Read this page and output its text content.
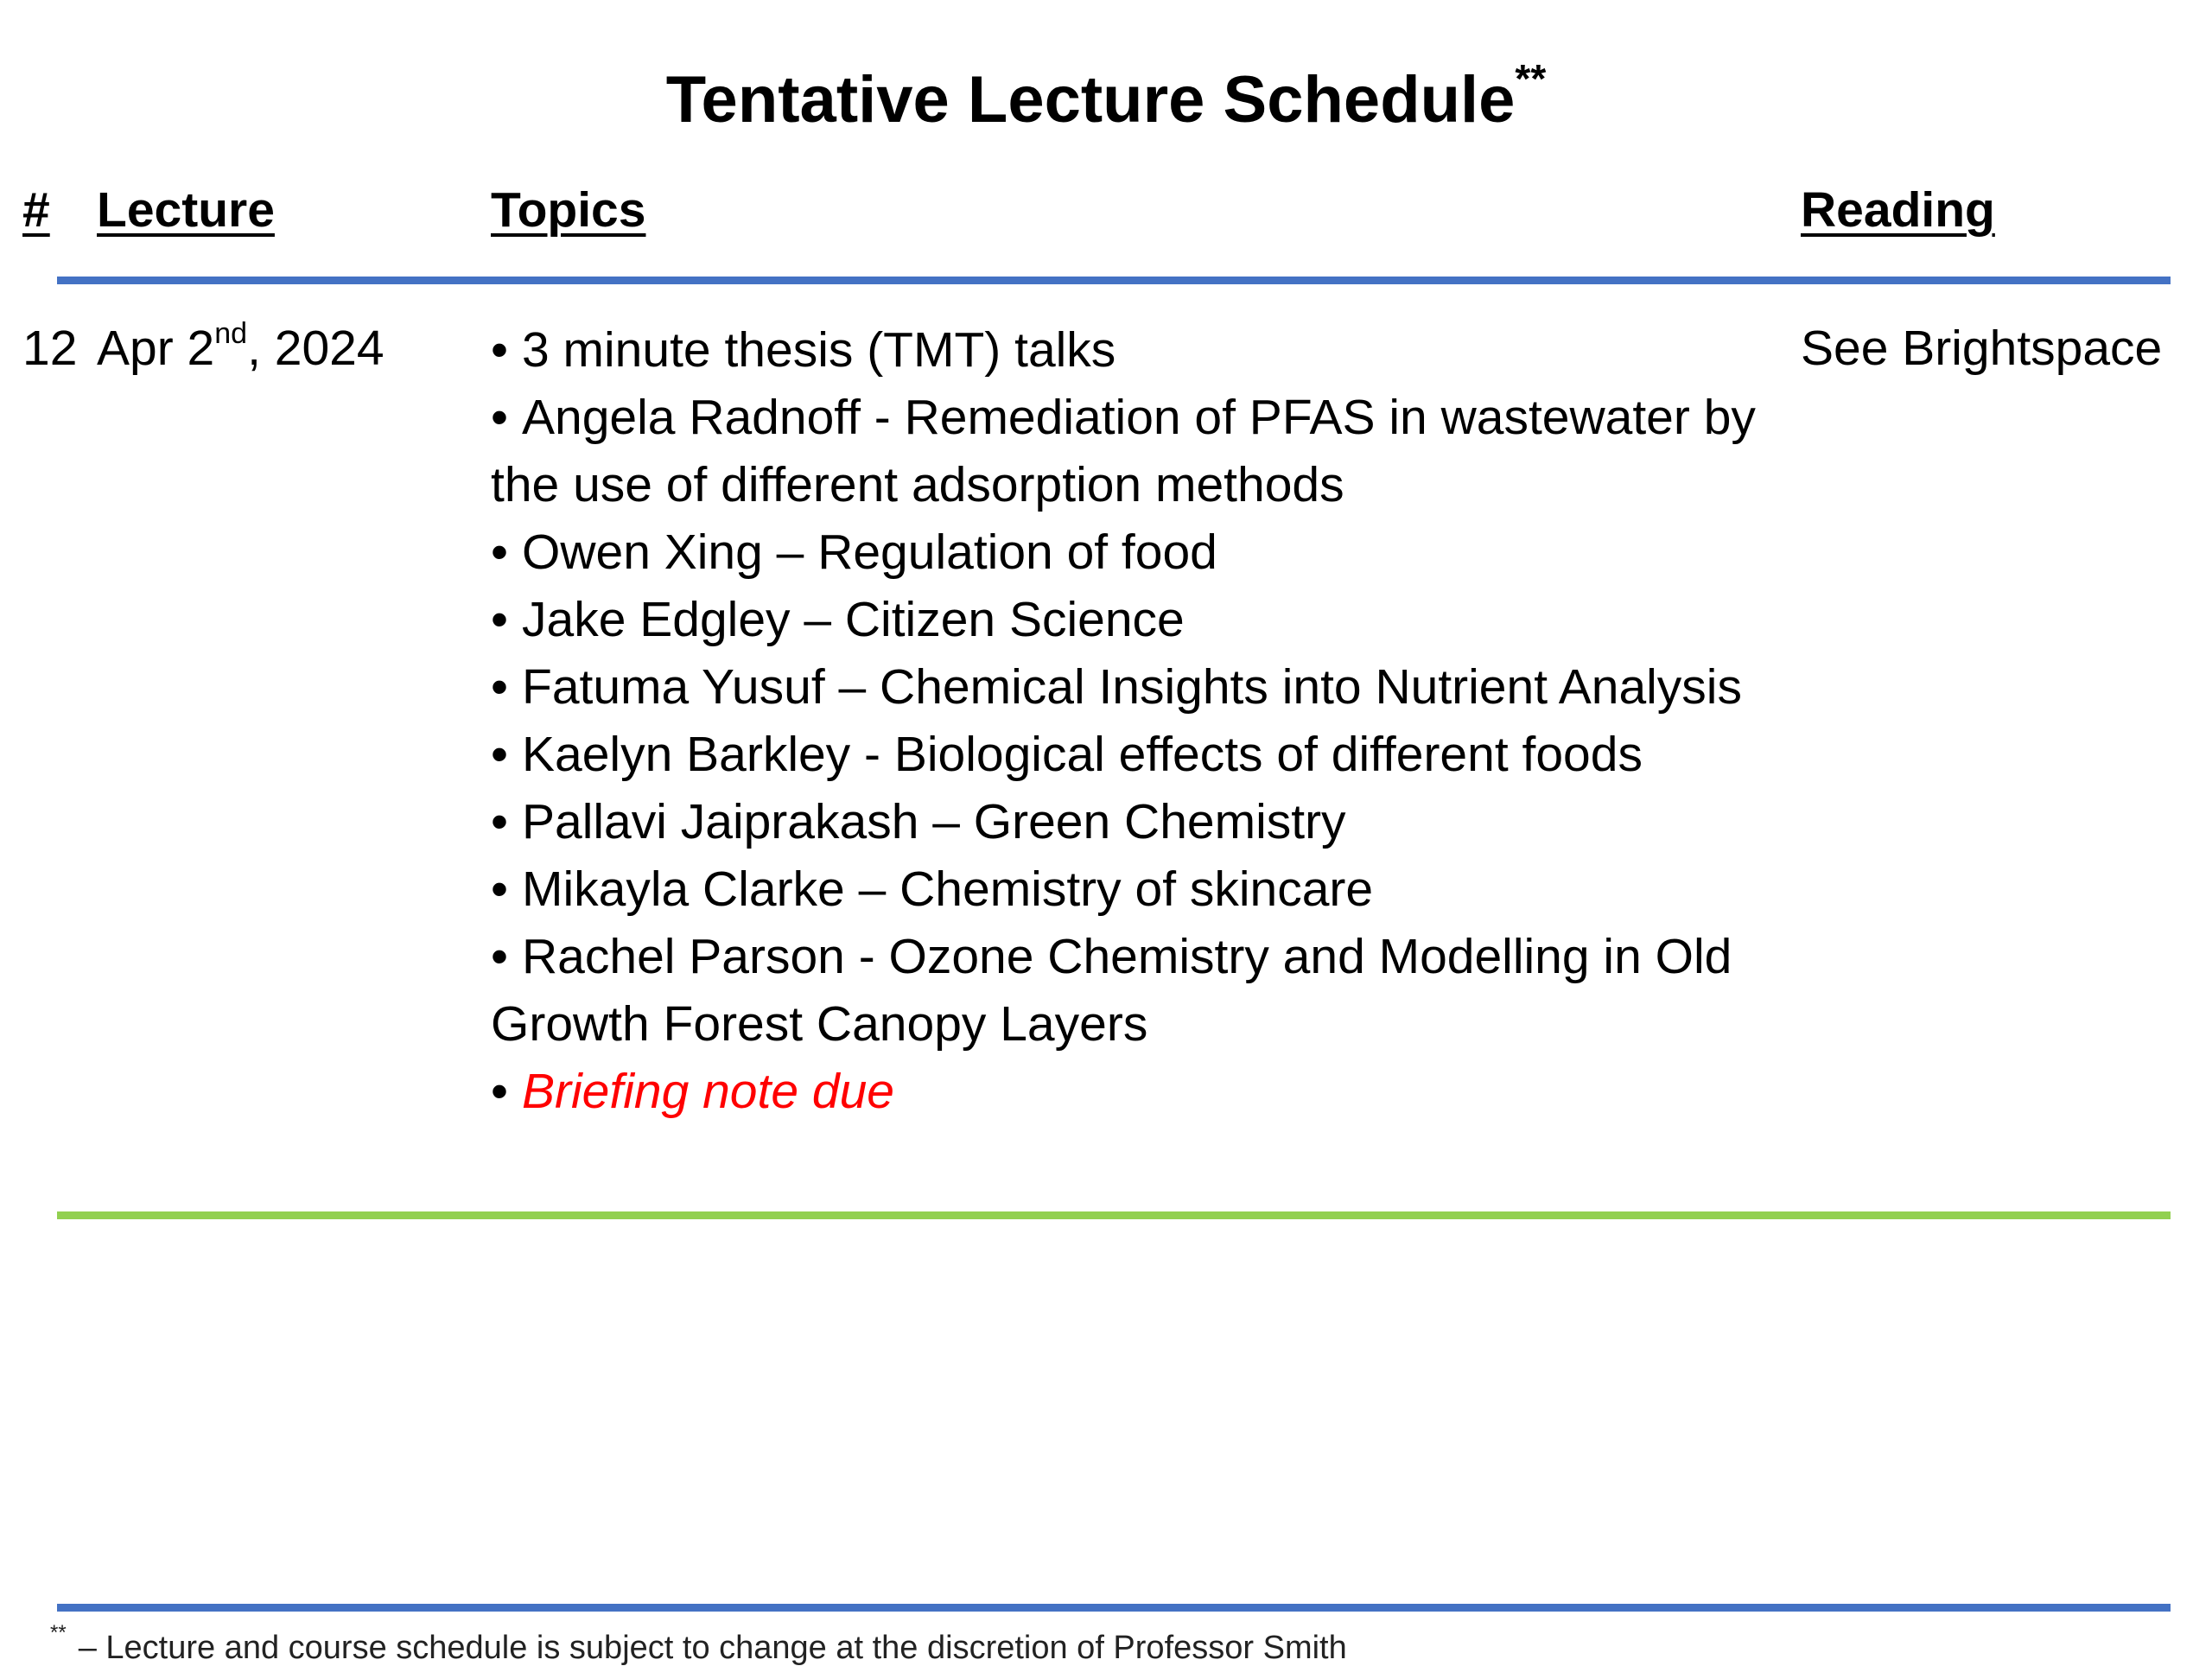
Tentative Lecture Schedule**
# Lecture	Topics	Reading
12 Apr 2nd, 2024 • 3 minute thesis (TMT) talks
• Angela Radnoff - Remediation of PFAS in wastewater by the use of different adsorption methods
• Owen Xing – Regulation of food
• Jake Edgley – Citizen Science
• Fatuma Yusuf – Chemical Insights into Nutrient Analysis
• Kaelyn Barkley - Biological effects of different foods
• Pallavi Jaiprakash – Green Chemistry
• Mikayla Clarke – Chemistry of skincare
• Rachel Parson - Ozone Chemistry and Modelling in Old Growth Forest Canopy Layers
• Briefing note due
See Brightspace
** – Lecture and course schedule is subject to change at the discretion of Professor Smith
